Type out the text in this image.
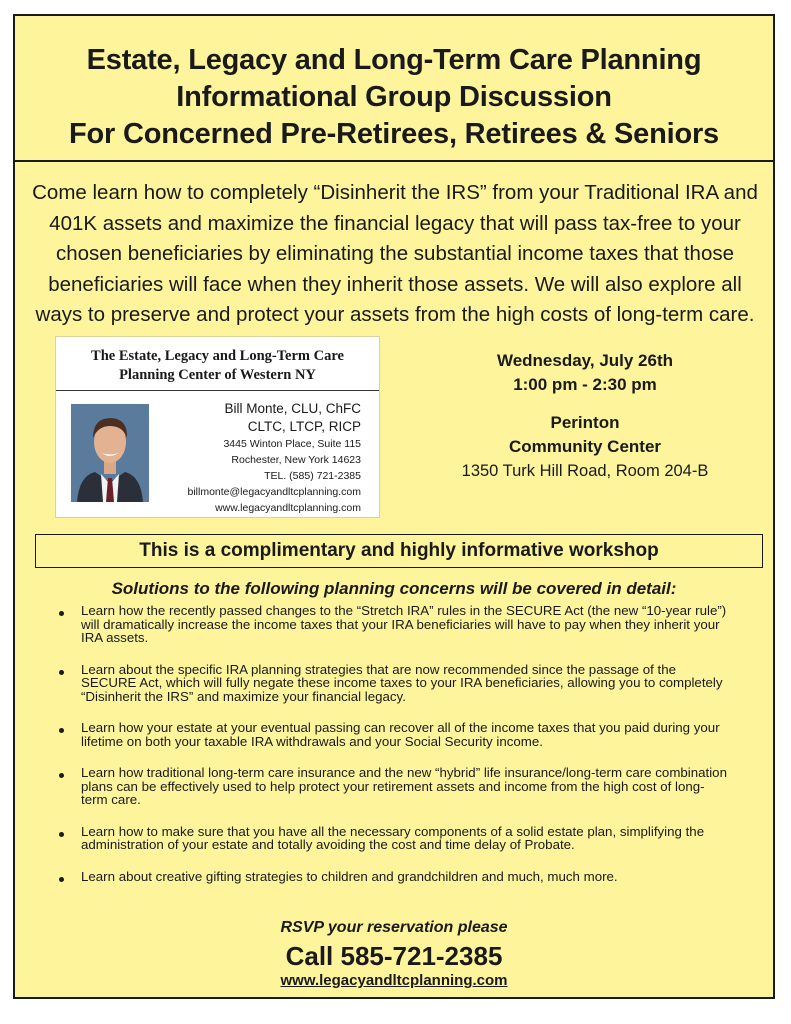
Estate, Legacy and Long-Term Care Planning
Informational Group Discussion
For Concerned Pre-Retirees, Retirees & Seniors
Come learn how to completely “Disinherit the IRS” from your Traditional IRA and 401K assets and maximize the financial legacy that will pass tax-free to your chosen beneficiaries by eliminating the substantial income taxes that those beneficiaries will face when they inherit those assets. We will also explore all ways to preserve and protect your assets from the high costs of long-term care.
The Estate, Legacy and Long-Term Care
Planning Center of Western NY
Bill Monte, CLU, ChFC
CLTC, LTCP, RICP
3445 Winton Place, Suite 115
Rochester, New York 14623
TEL. (585) 721-2385
billmonte@legacyandltcplanning.com
www.legacyandltcplanning.com
Wednesday, July 26th
1:00 pm - 2:30 pm
Perinton
Community Center
1350 Turk Hill Road, Room 204-B
This is a complimentary and highly informative workshop
Solutions to the following planning concerns will be covered in detail:
Learn how the recently passed changes to the “Stretch IRA” rules in the SECURE Act (the new “10-year rule”) will dramatically increase the income taxes that your IRA beneficiaries will have to pay when they inherit your IRA assets.
Learn about the specific IRA planning strategies that are now recommended since the passage of the SECURE Act, which will fully negate these income taxes to your IRA beneficiaries, allowing you to completely “Disinherit the IRS” and maximize your financial legacy.
Learn how your estate at your eventual passing can recover all of the income taxes that you paid during your lifetime on both your taxable IRA withdrawals and your Social Security income.
Learn how traditional long-term care insurance and the new “hybrid” life insurance/long-term care combination plans can be effectively used to help protect your retirement assets and income from the high cost of long-term care.
Learn how to make sure that you have all the necessary components of a solid estate plan, simplifying the administration of your estate and totally avoiding the cost and time delay of Probate.
Learn about creative gifting strategies to children and grandchildren and much, much more.
RSVP your reservation please
Call 585-721-2385
www.legacyandltcplanning.com
